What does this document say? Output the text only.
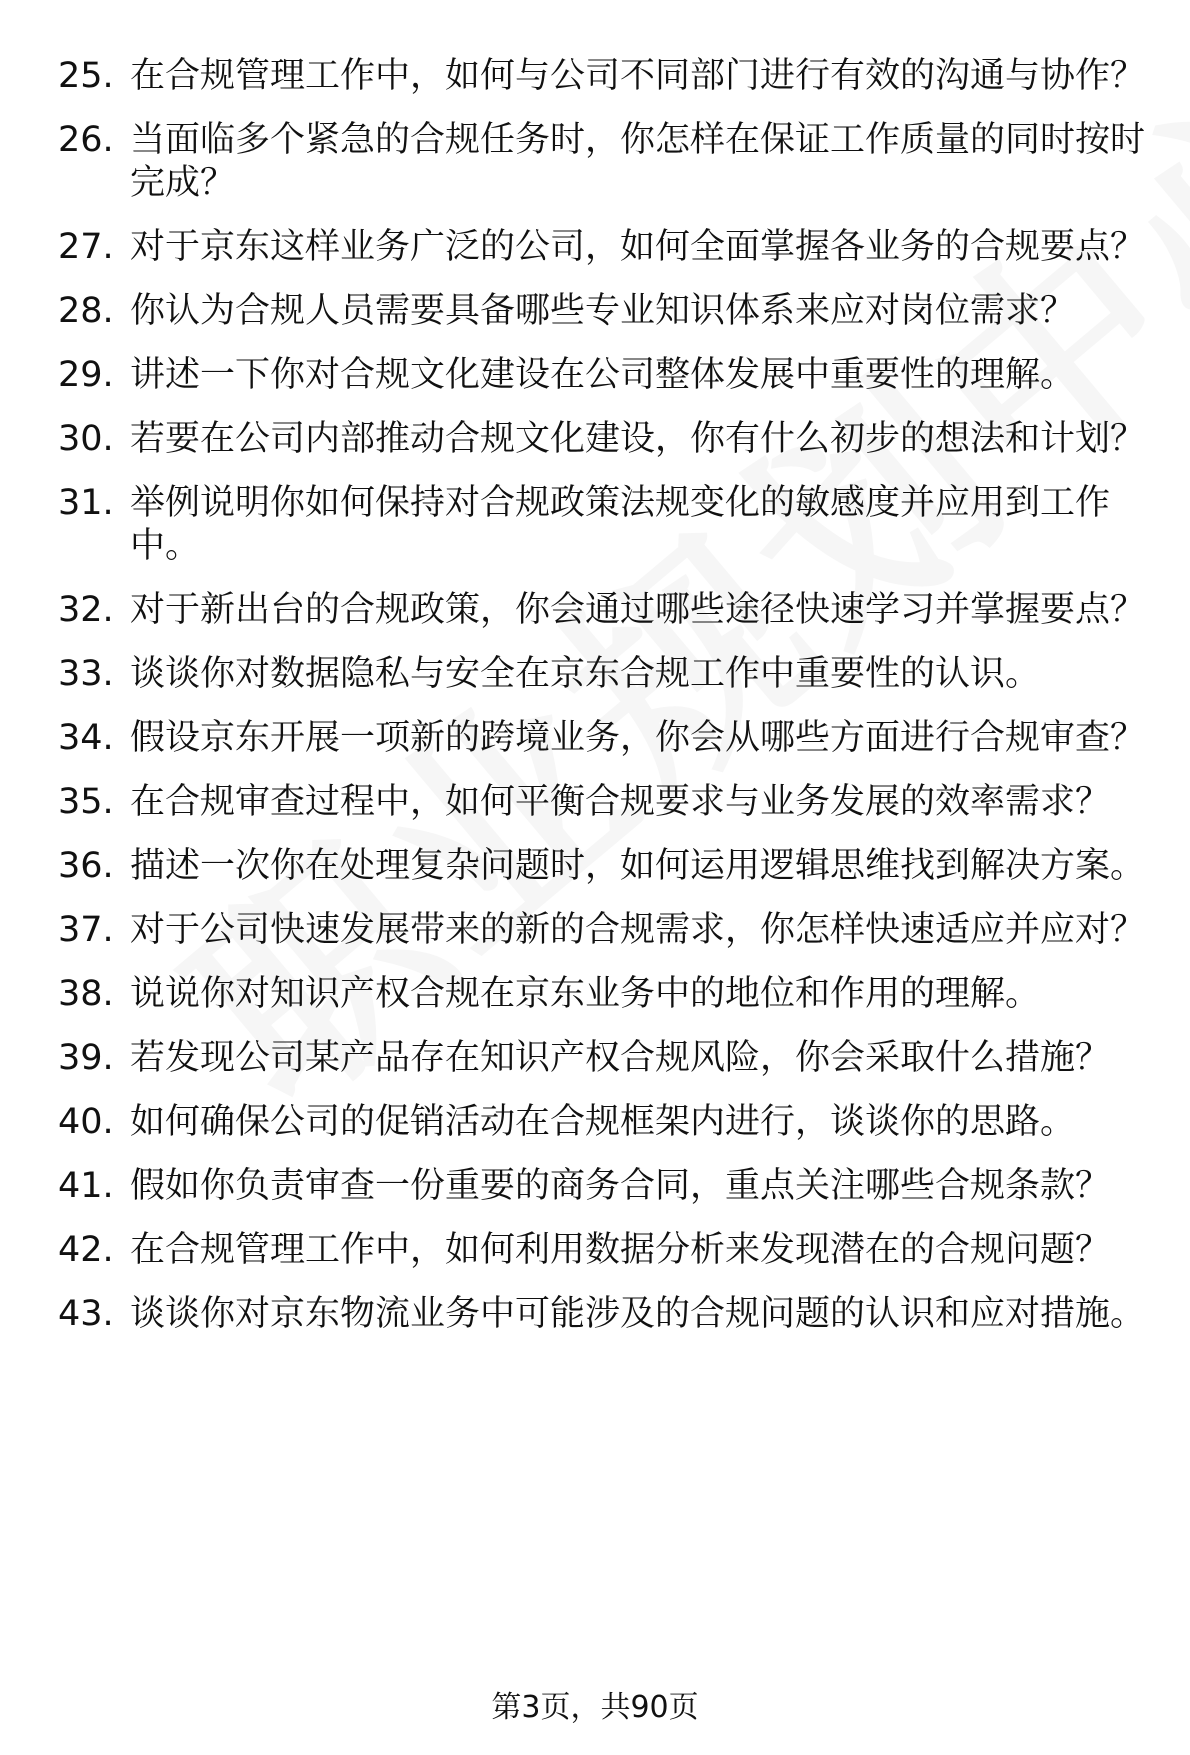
25. 在合规管理工作中，如何与公司不同部门进行有效的沟通与协作？
26. 当面临多个紧急的合规任务时，你怎样在保证工作质量的同时按时完成？
27. 对于京东这样业务广泛的公司，如何全面掌握各业务的合规要点？
28. 你认为合规人员需要具备哪些专业知识体系来应对岗位需求？
29. 讲述一下你对合规文化建设在公司整体发展中重要性的理解。
30. 若要在公司内部推动合规文化建设，你有什么初步的想法和计划？
31. 举例说明你如何保持对合规政策法规变化的敏感度并应用到工作中。
32. 对于新出台的合规政策，你会通过哪些途径快速学习并掌握要点？
33. 谈谈你对数据隐私与安全在京东合规工作中重要性的认识。
34. 假设京东开展一项新的跨境业务，你会从哪些方面进行合规审查？
35. 在合规审查过程中，如何平衡合规要求与业务发展的效率需求？
36. 描述一次你在处理复杂问题时，如何运用逻辑思维找到解决方案。
37. 对于公司快速发展带来的新的合规需求，你怎样快速适应并应对？
38. 说说你对知识产权合规在京东业务中的地位和作用的理解。
39. 若发现公司某产品存在知识产权合规风险，你会采取什么措施？
40. 如何确保公司的促销活动在合规框架内进行，谈谈你的思路。
41. 假如你负责审查一份重要的商务合同，重点关注哪些合规条款？
42. 在合规管理工作中，如何利用数据分析来发现潜在的合规问题？
43. 谈谈你对京东物流业务中可能涉及的合规问题的认识和应对措施。
第3页，共90页
